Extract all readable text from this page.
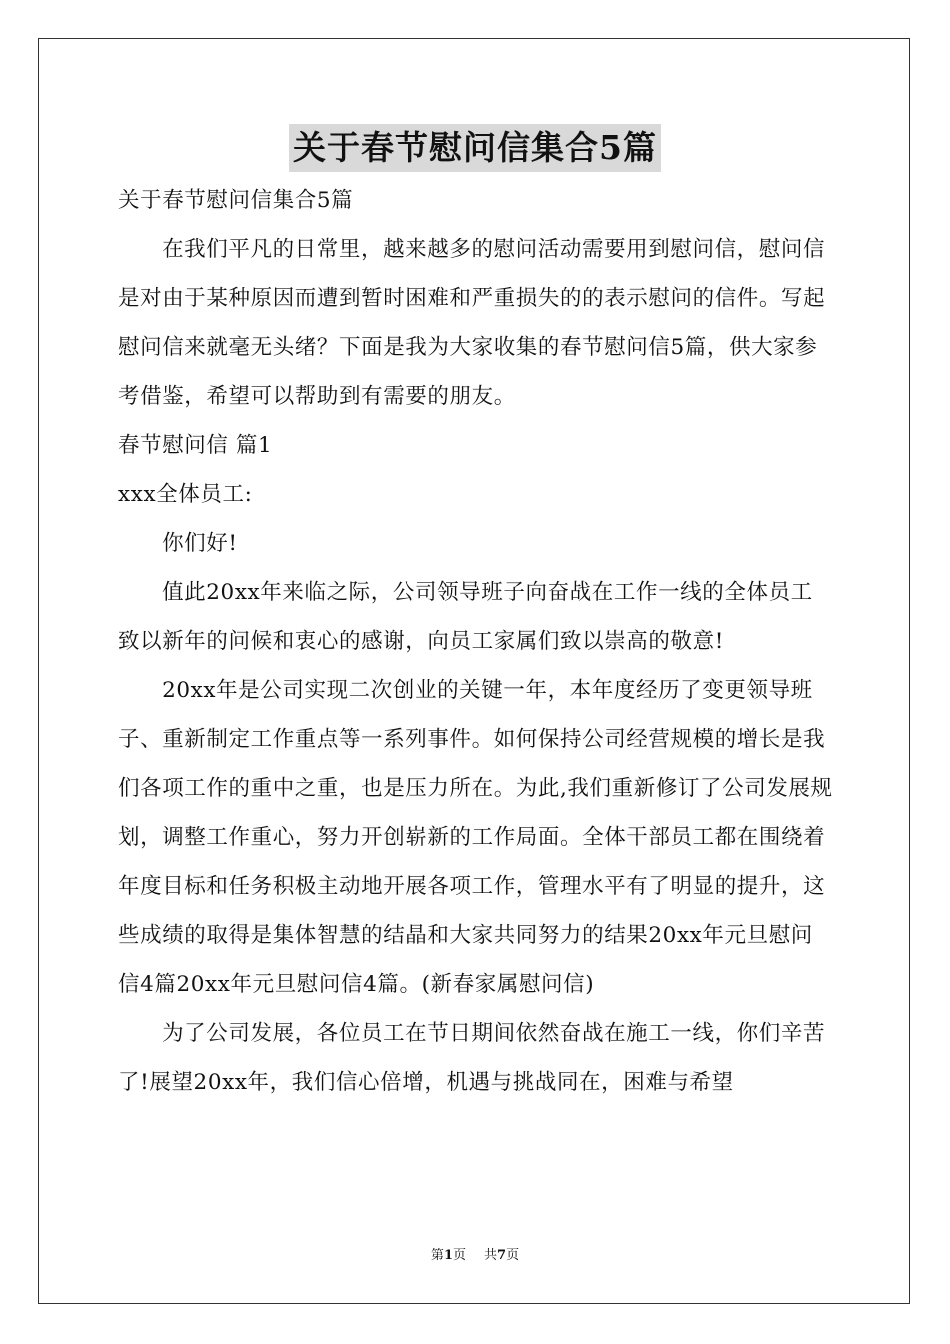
关于春节慰问信集合5篇

关于春节慰问信集合5篇

在我们平凡的日常里，越来越多的慰问活动需要用到慰问信，慰问信是对由于某种原因而遭到暂时困难和严重损失的的表示慰问的信件。写起慰问信来就毫无头绪？下面是我为大家收集的春节慰问信5篇，供大家参考借鉴，希望可以帮助到有需要的朋友。

春节慰问信 篇1

xxx全体员工:

你们好!

值此20xx年来临之际，公司领导班子向奋战在工作一线的全体员工致以新年的问候和衷心的感谢，向员工家属们致以崇高的敬意!

20xx年是公司实现二次创业的关键一年，本年度经历了变更领导班子、重新制定工作重点等一系列事件。如何保持公司经营规模的增长是我们各项工作的重中之重，也是压力所在。为此,我们重新修订了公司发展规划，调整工作重心，努力开创崭新的工作局面。全体干部员工都在围绕着年度目标和任务积极主动地开展各项工作，管理水平有了明显的提升，这些成绩的取得是集体智慧的结晶和大家共同努力的结果20xx年元旦慰问信4篇20xx年元旦慰问信4篇。(新春家属慰问信)

为了公司发展，各位员工在节日期间依然奋战在施工一线，你们辛苦了!展望20xx年，我们信心倍增，机遇与挑战同在，困难与希望

第1页 共7页
